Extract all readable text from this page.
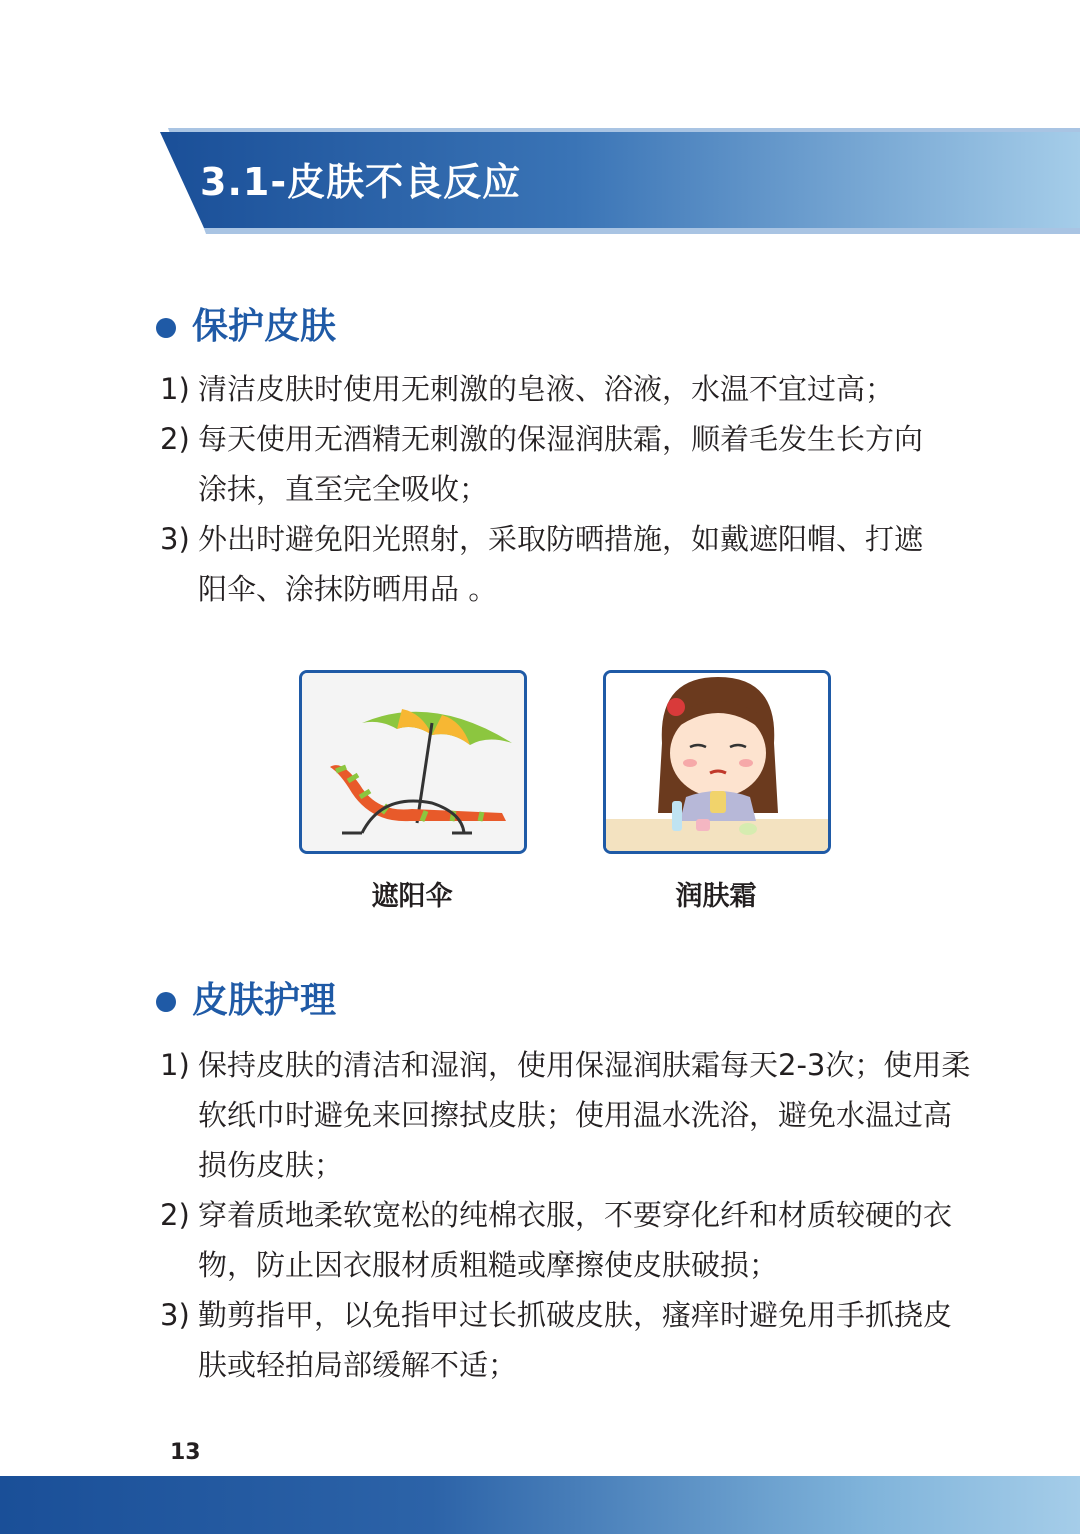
3.1-皮肤不良反应
保护皮肤
1) 清洁皮肤时使用无刺激的皂液、浴液，水温不宜过高；
2) 每天使用无酒精无刺激的保湿润肤霜，顺着毛发生长方向涂抹，直至完全吸收；
3) 外出时避免阳光照射，采取防晒措施，如戴遮阳帽、打遮阳伞、涂抹防晒用品 。
遮阳伞	润肤霜
皮肤护理
1) 保持皮肤的清洁和湿润，使用保湿润肤霜每天2-3次；使用柔软纸巾时避免来回擦拭皮肤；使用温水洗浴，避免水温过高损伤皮肤；
2) 穿着质地柔软宽松的纯棉衣服，不要穿化纤和材质较硬的衣物，防止因衣服材质粗糙或摩擦使皮肤破损；
3) 勤剪指甲，以免指甲过长抓破皮肤，瘙痒时避免用手抓挠皮肤或轻拍局部缓解不适；
13
